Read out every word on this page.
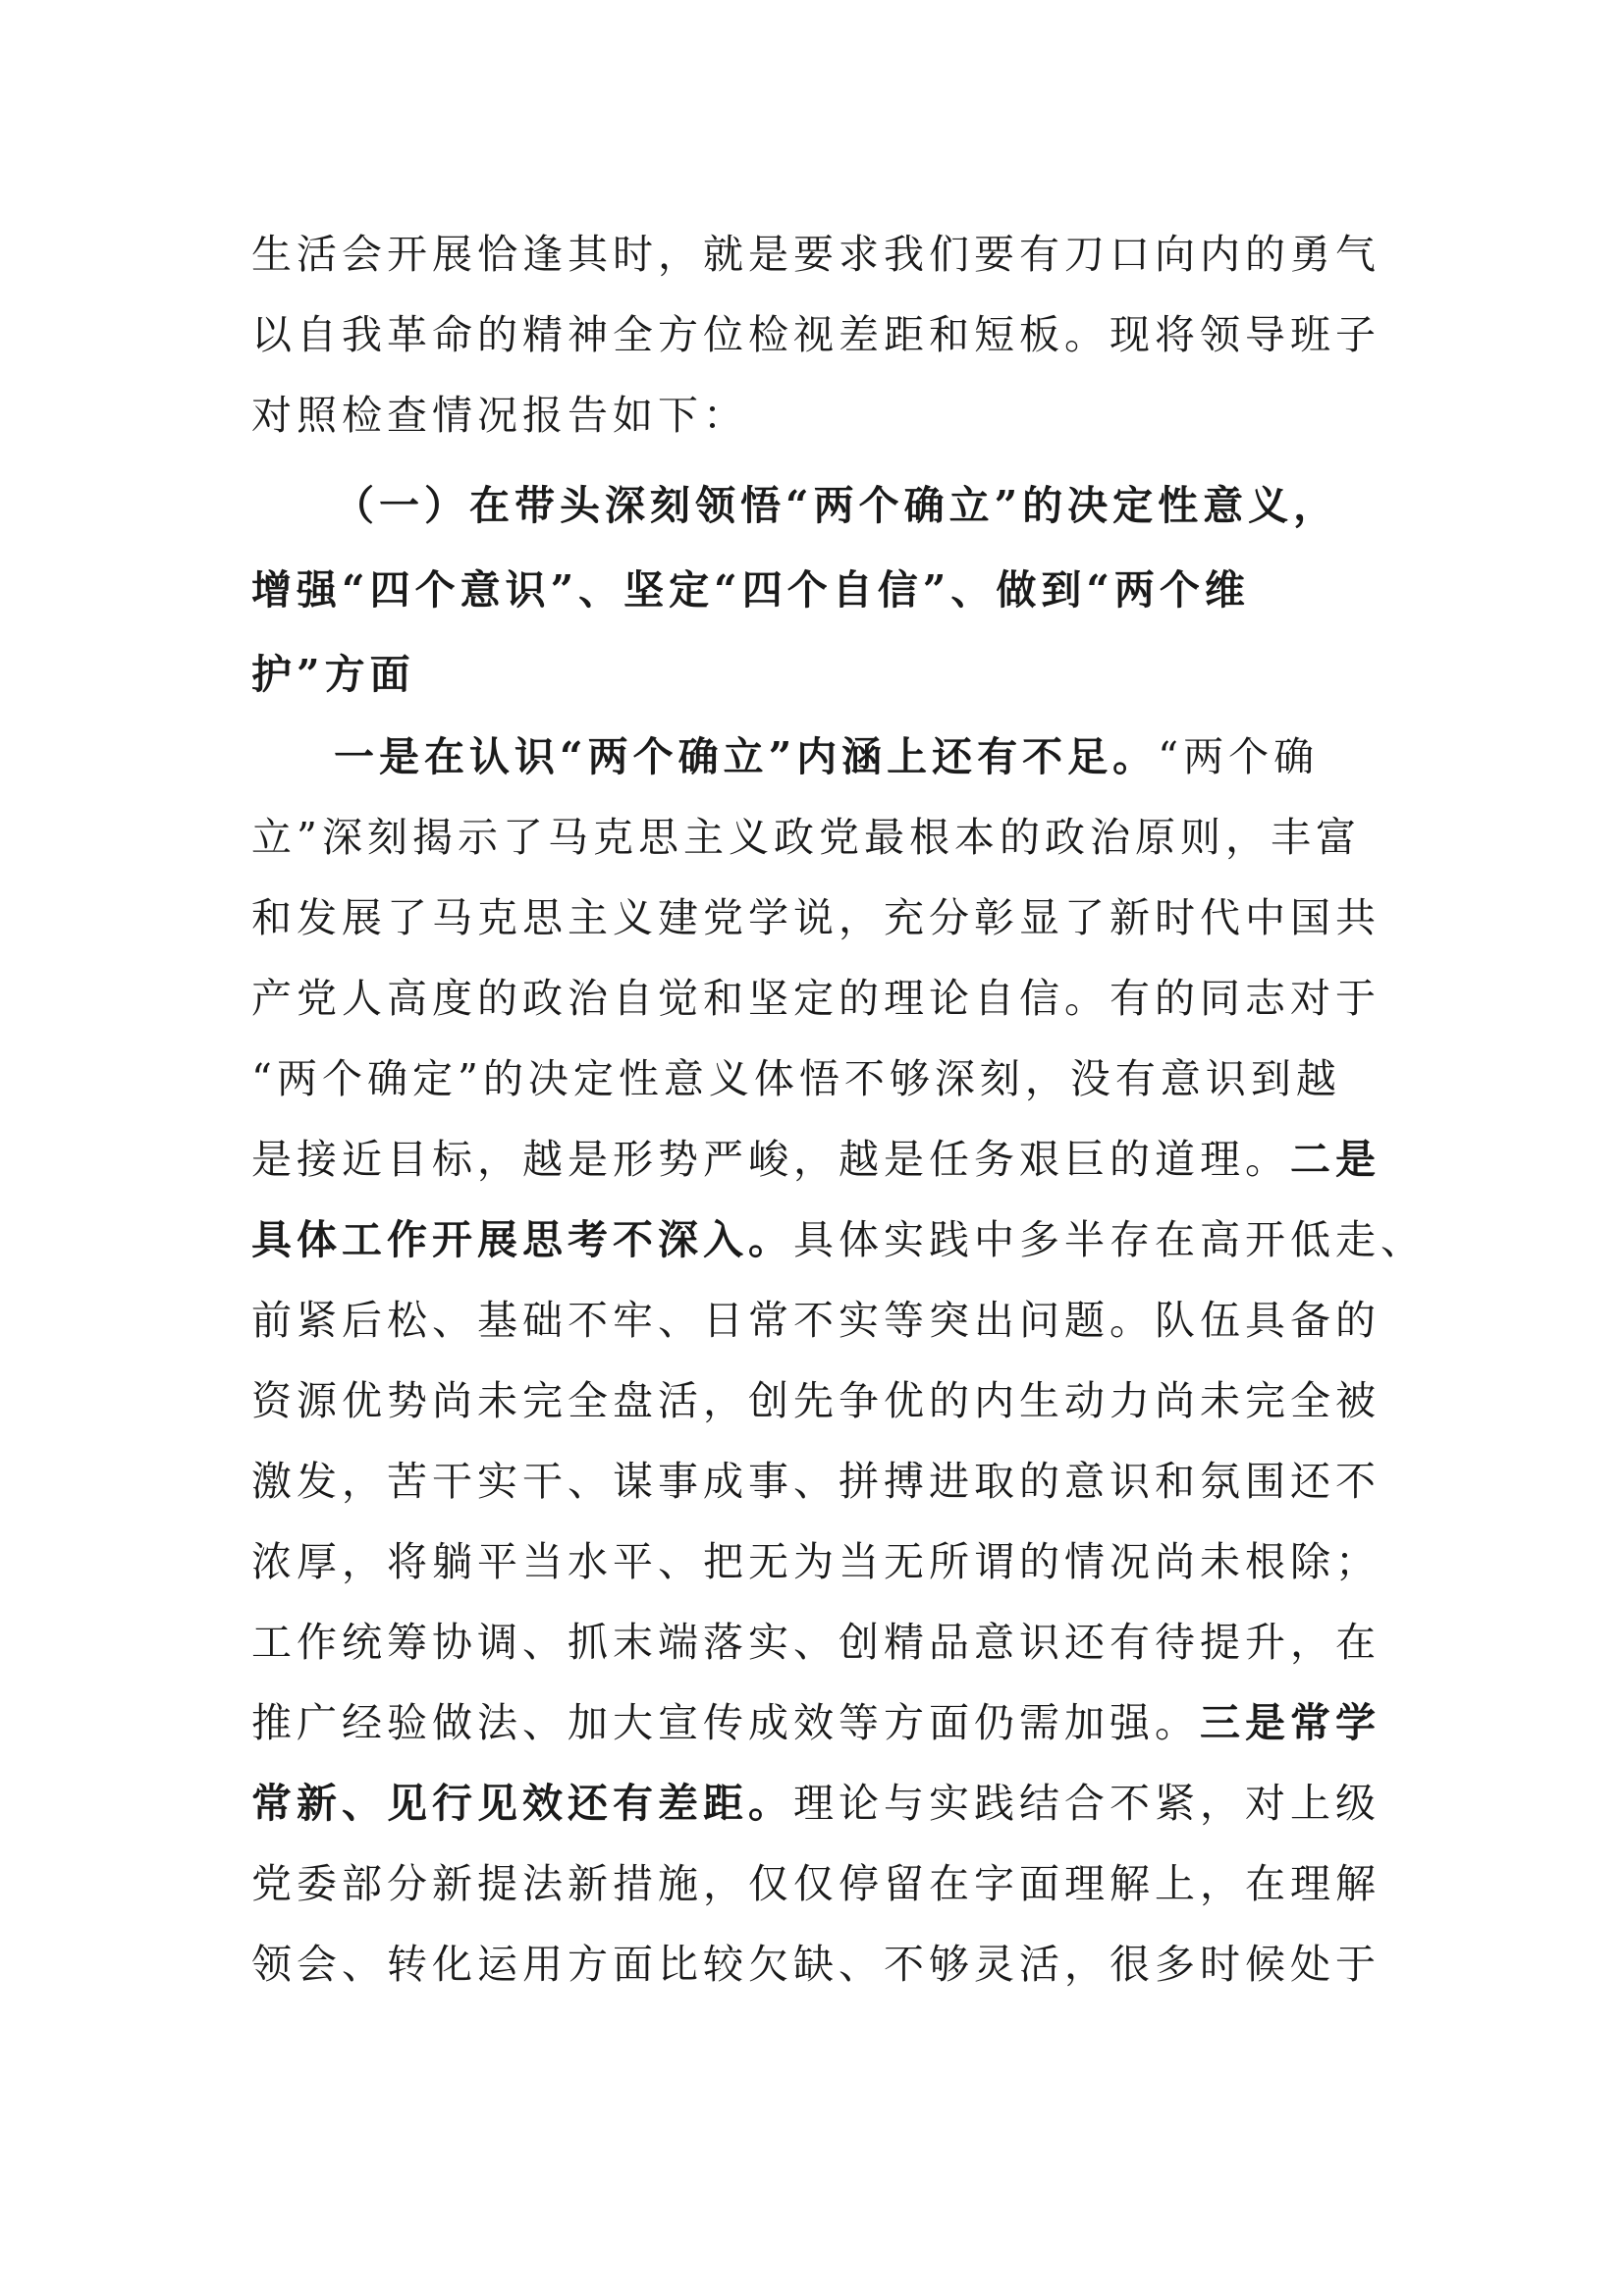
生活会开展恰逢其时，就是要求我们要有刀口向内的勇气
以自我革命的精神全方位检视差距和短板。现将领导班子
对照检查情况报告如下：
（一）在带头深刻领悟“两个确立”的决定性意义，
增强“四个意识”、坚定“四个自信”、做到“两个维
护”方面
一是在认识“两个确立”内涵上还有不足。“两个确
立”深刻揭示了马克思主义政党最根本的政治原则，丰富
和发展了马克思主义建党学说，充分彰显了新时代中国共
产党人高度的政治自觉和坚定的理论自信。有的同志对于
“两个确定”的决定性意义体悟不够深刻，没有意识到越
是接近目标，越是形势严峻，越是任务艰巨的道理。二是
具体工作开展思考不深入。具体实践中多半存在高开低走、
前紧后松、基础不牢、日常不实等突出问题。队伍具备的
资源优势尚未完全盘活，创先争优的内生动力尚未完全被
激发，苦干实干、谋事成事、拼搏进取的意识和氛围还不
浓厚，将躺平当水平、把无为当无所谓的情况尚未根除；
工作统筹协调、抓末端落实、创精品意识还有待提升，在
推广经验做法、加大宣传成效等方面仍需加强。三是常学
常新、见行见效还有差距。理论与实践结合不紧，对上级
党委部分新提法新措施，仅仅停留在字面理解上，在理解
领会、转化运用方面比较欠缺、不够灵活，很多时候处于
